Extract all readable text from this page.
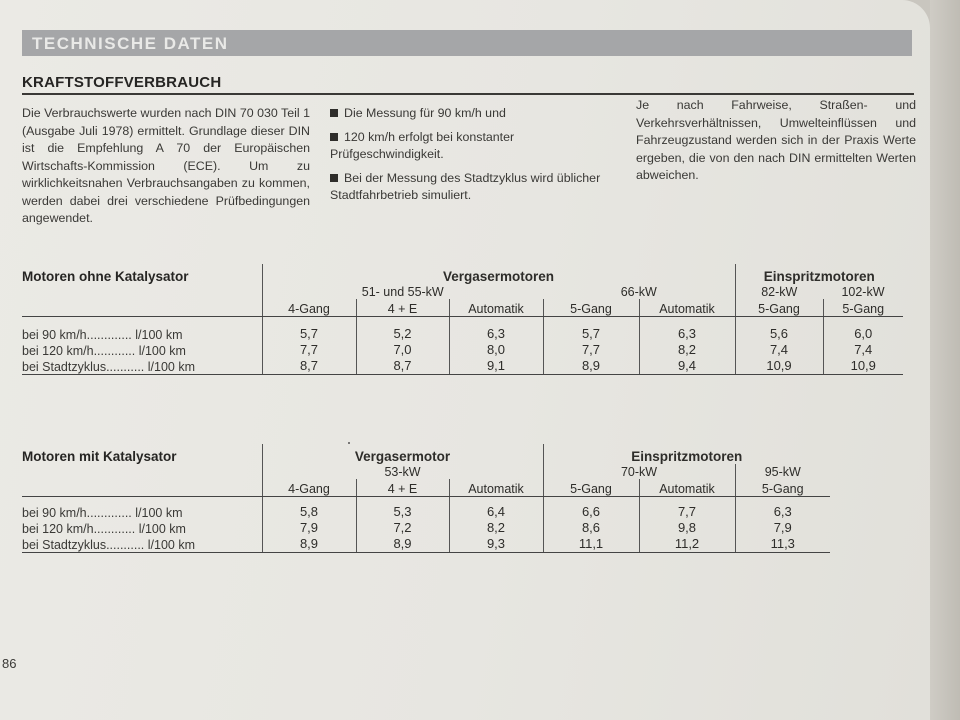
TECHNISCHE DATEN
KRAFTSTOFFVERBRAUCH
Die Verbrauchswerte wurden nach DIN 70 030 Teil 1 (Ausgabe Juli 1978) ermittelt. Grundlage dieser DIN ist die Empfehlung A 70 der Europäischen Wirtschafts-Kommission (ECE). Um zu wirklichkeitsnahen Verbrauchsangaben zu kommen, werden dabei drei verschiedene Prüfbedingungen angewendet.
Die Messung für 90 km/h und
120 km/h erfolgt bei konstanter Prüfgeschwindigkeit.
Bei der Messung des Stadtzyklus wird üblicher Stadtfahrbetrieb simuliert.
Je nach Fahrweise, Straßen- und Verkehrsverhältnissen, Umwelteinflüssen und Fahrzeugzustand werden sich in der Praxis Werte ergeben, die von den nach DIN ermittelten Werten abweichen.
Motoren ohne Katalysator	Vergasermotoren					Einspritzmotoren	
	51- und 55-kW			66-kW		82-kW	102-kW
	4-Gang	4 + E	Automatik	5-Gang	Automatik	5-Gang	5-Gang

bei 90 km/h............. l/100 km	5,7	5,2	6,3	5,7	6,3	5,6	6,0
bei 120 km/h............ l/100 km	7,7	7,0	8,0	7,7	8,2	7,4	7,4
bei Stadtzyklus........... l/100 km	8,7	8,7	9,1	8,9	9,4	10,9	10,9
Motoren mit Katalysator	Vergasermotor			Einspritzmotoren		
	53-kW			70-kW		95-kW
	4-Gang	4 + E	Automatik	5-Gang	Automatik	5-Gang

bei 90 km/h............. l/100 km	5,8	5,3	6,4	6,6	7,7	6,3
bei 120 km/h............ l/100 km	7,9	7,2	8,2	8,6	9,8	7,9
bei Stadtzyklus........... l/100 km	8,9	8,9	9,3	11,1	11,2	11,3
86
